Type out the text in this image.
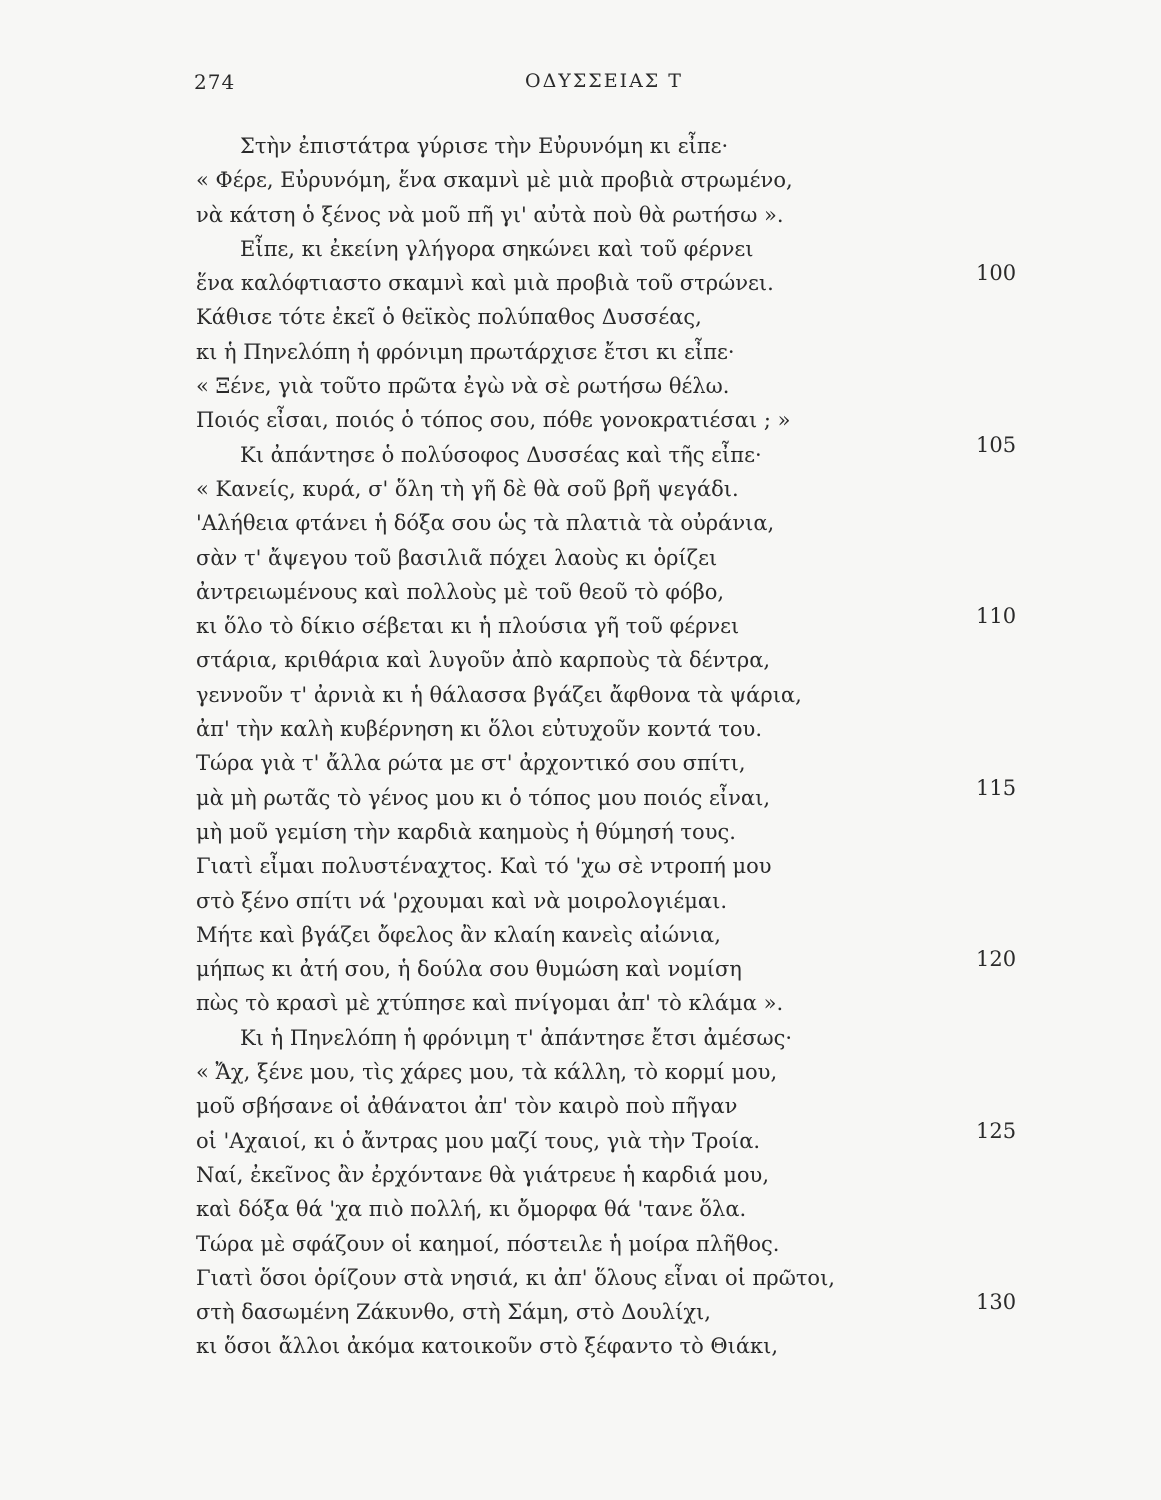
274	ΟΔΥΣΣΕΙΑΣ Τ
Στὴν ἐπιστάτρα γύρισε τὴν Εὐρυνόμη κι εἶπε·
« Φέρε, Εὐρυνόμη, ἕνα σκαμνὶ μὲ μιὰ προβιὰ στρωμένο,
νὰ κάτση ὁ ξένος νὰ μοῦ πῆ γι' αὐτὰ ποὺ θὰ ρωτήσω ».
Εἶπε, κι ἐκείνη γλήγορα σηκώνει καὶ τοῦ φέρνει
ἕνα καλόφτιαστο σκαμνὶ καὶ μιὰ προβιὰ τοῦ στρώνει.	100
Κάθισε τότε ἐκεῖ ὁ θεϊκὸς πολύπαθος Δυσσέας,
κι ἡ Πηνελόπη ἡ φρόνιμη πρωτάρχισε ἔτσι κι εἶπε·
« Ξένε, γιὰ τοῦτο πρῶτα ἐγὼ νὰ σὲ ρωτήσω θέλω.
Ποιός εἶσαι, ποιός ὁ τόπος σου, πόθε γονοκρατιέσαι ; »
Κι ἀπάντησε ὁ πολύσοφος Δυσσέας καὶ τῆς εἶπε·	105
« Κανείς, κυρά, σ' ὅλη τὴ γῆ δὲ θὰ σοῦ βρῆ ψεγάδι.
'Αλήθεια φτάνει ἡ δόξα σου ὡς τὰ πλατιὰ τὰ οὐράνια,
σὰν τ' ἄψεγου τοῦ βασιλιᾶ πόχει λαοὺς κι ὁρίζει
ἀντρειωμένους καὶ πολλοὺς μὲ τοῦ θεοῦ τὸ φόβο,
κι ὅλο τὸ δίκιο σέβεται κι ἡ πλούσια γῆ τοῦ φέρνει	110
στάρια, κριθάρια καὶ λυγοῦν ἀπὸ καρποὺς τὰ δέντρα,
γεννοῦν τ' ἀρνιὰ κι ἡ θάλασσα βγάζει ἄφθονα τὰ ψάρια,
ἀπ' τὴν καλὴ κυβέρνηση κι ὅλοι εὐτυχοῦν κοντά του.
Τώρα γιὰ τ' ἄλλα ρώτα με στ' ἀρχοντικό σου σπίτι,
μὰ μὴ ρωτᾶς τὸ γένος μου κι ὁ τόπος μου ποιός εἶναι,	115
μὴ μοῦ γεμίση τὴν καρδιὰ καημοὺς ἡ θύμησή τους.
Γιατὶ εἶμαι πολυστέναχτος. Καὶ τό 'χω σὲ ντροπή μου
στὸ ξένο σπίτι νά 'ρχουμαι καὶ νὰ μοιρολογιέμαι.
Μήτε καὶ βγάζει ὄφελος ἂν κλαίη κανεὶς αἰώνια,
μήπως κι ἀτή σου, ἡ δούλα σου θυμώση καὶ νομίση	120
πὼς τὸ κρασὶ μὲ χτύπησε καὶ πνίγομαι ἀπ' τὸ κλάμα ».
Κι ἡ Πηνελόπη ἡ φρόνιμη τ' ἀπάντησε ἔτσι ἀμέσως·
« Ἄχ, ξένε μου, τὶς χάρες μου, τὰ κάλλη, τὸ κορμί μου,
μοῦ σβήσανε οἱ ἀθάνατοι ἀπ' τὸν καιρὸ ποὺ πῆγαν
οἱ 'Αχαιοί, κι ὁ ἄντρας μου μαζί τους, γιὰ τὴν Τροία.	125
Ναί, ἐκεῖνος ἂν ἐρχόντανε θὰ γιάτρευε ἡ καρδιά μου,
καὶ δόξα θά 'χα πιὸ πολλή, κι ὄμορφα θά 'τανε ὅλα.
Τώρα μὲ σφάζουν οἱ καημοί, πόστειλε ἡ μοίρα πλῆθος.
Γιατὶ ὅσοι ὁρίζουν στὰ νησιά, κι ἀπ' ὅλους εἶναι οἱ πρῶτοι,
στὴ δασωμένη Ζάκυνθο, στὴ Σάμη, στὸ Δουλίχι,	130
κι ὅσοι ἄλλοι ἀκόμα κατοικοῦν στὸ ξέφαντο τὸ Θιάκι,
